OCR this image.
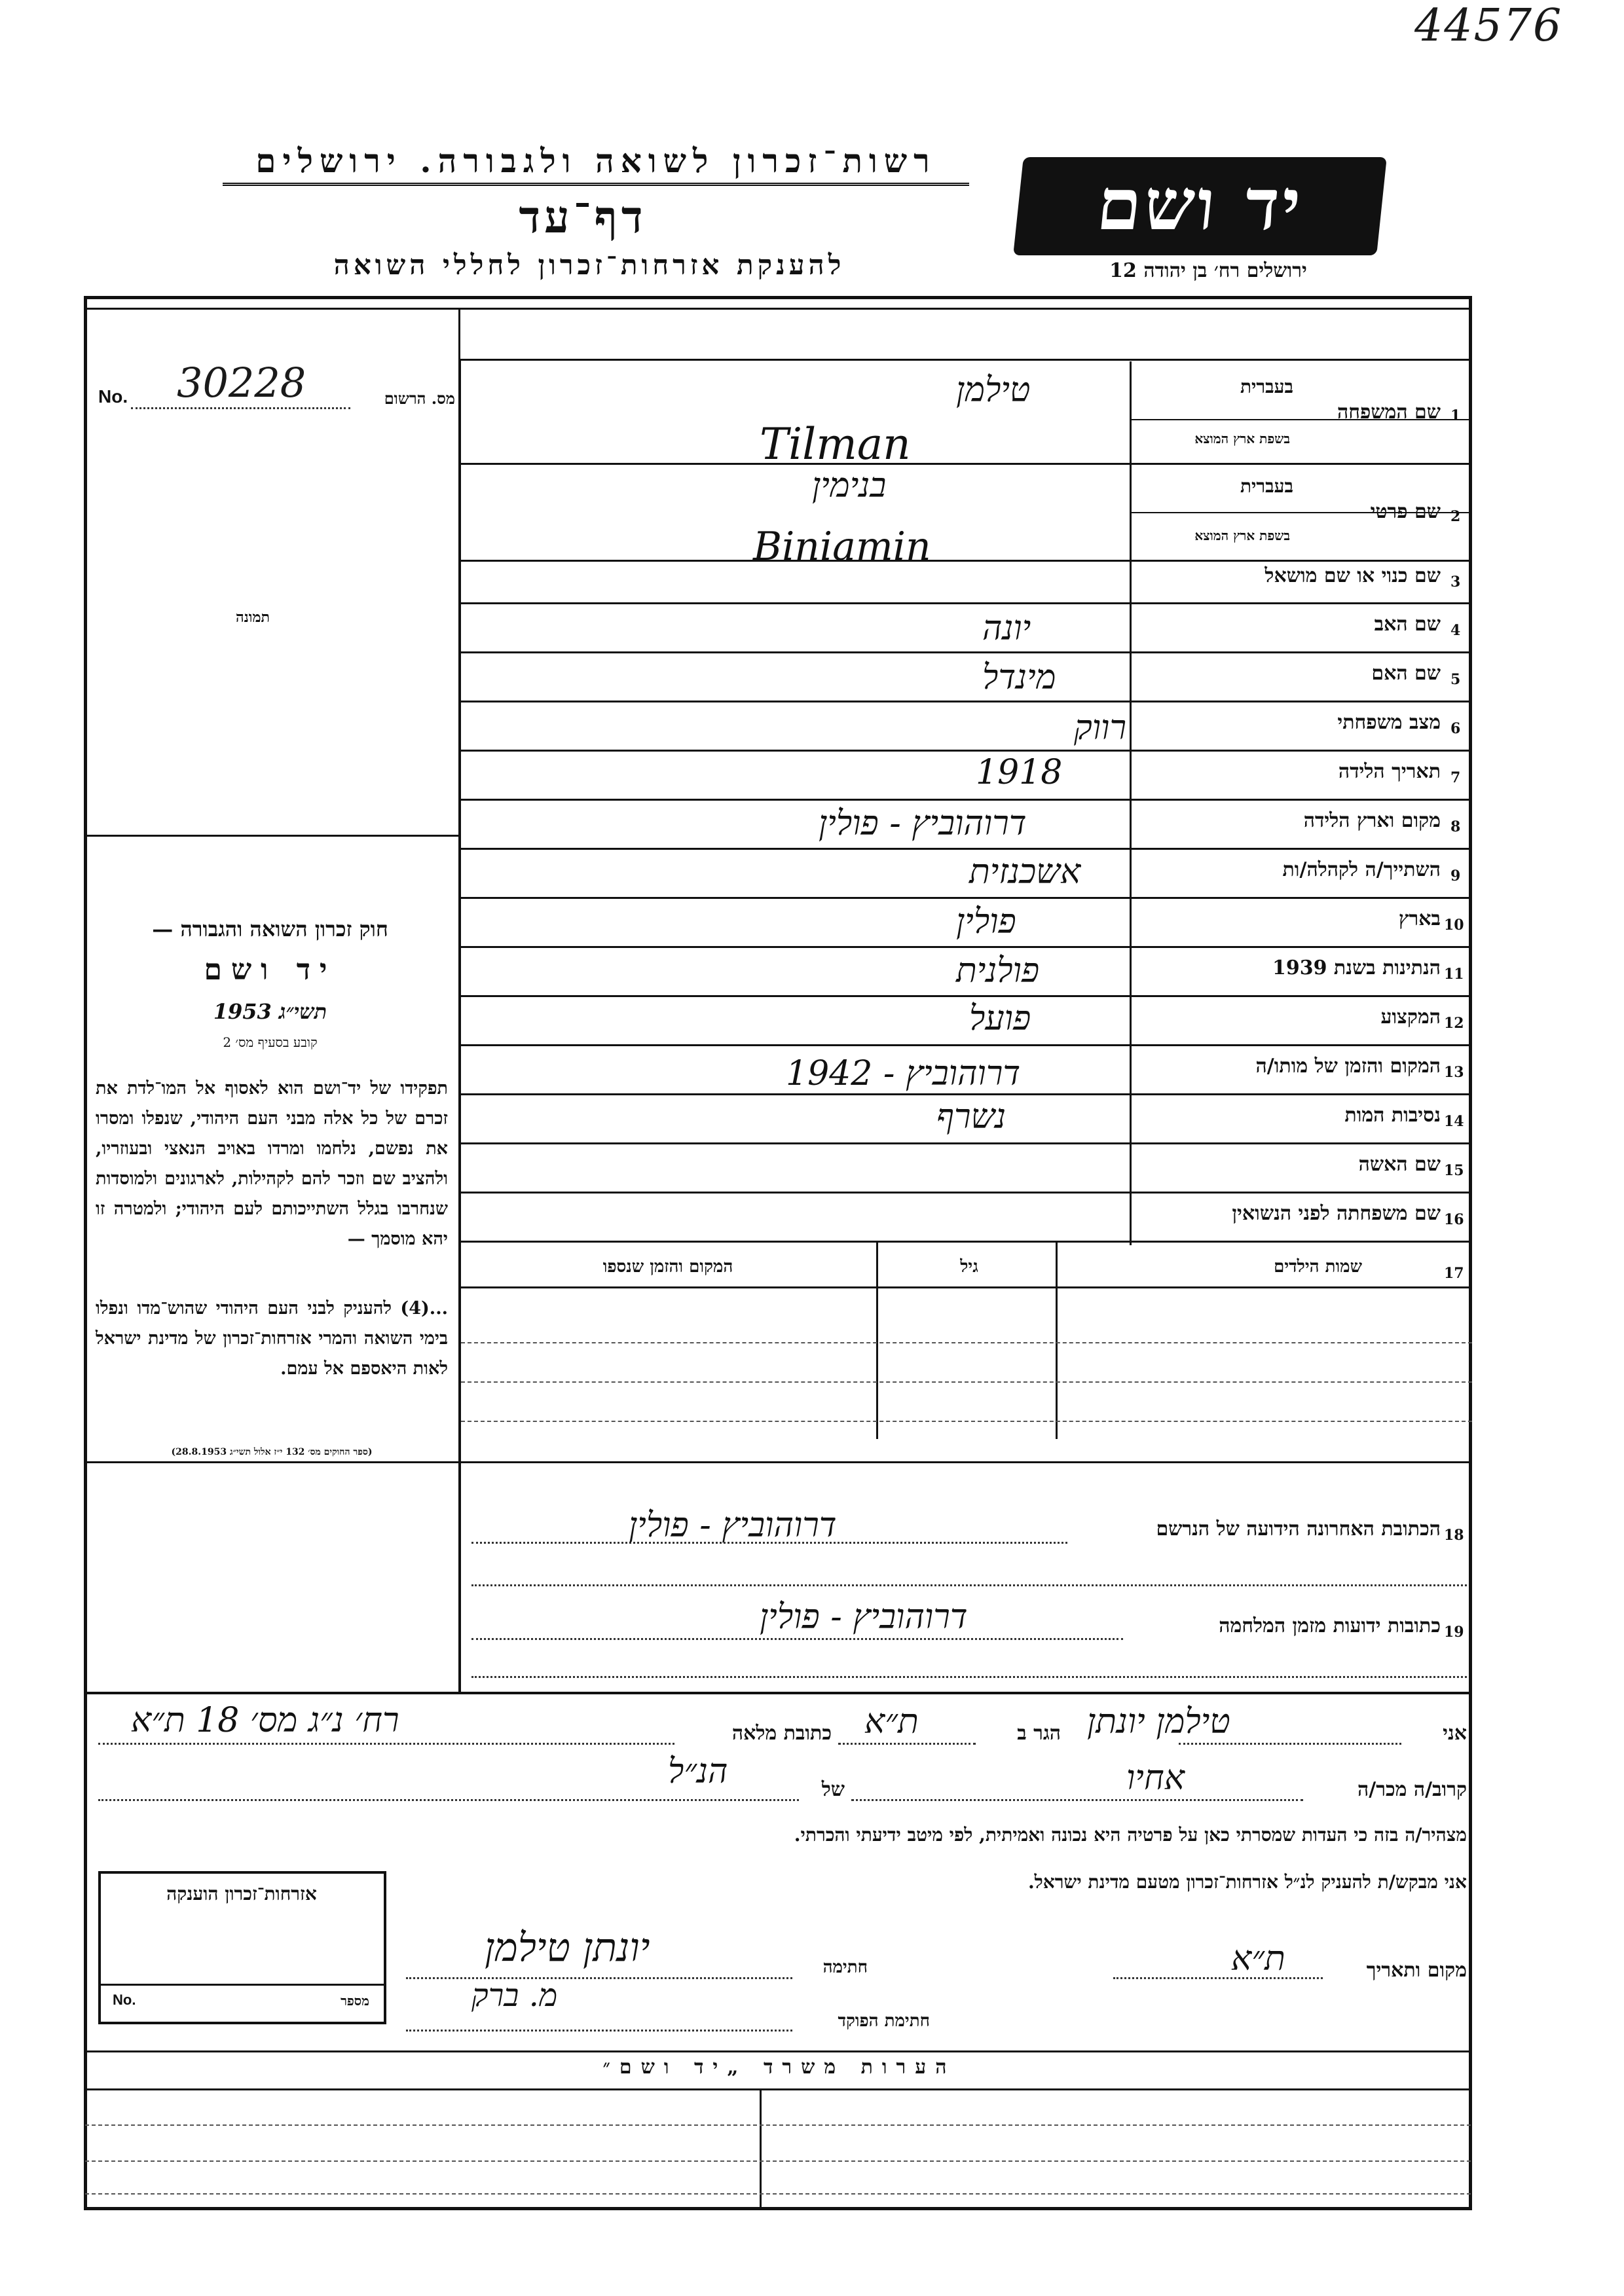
44576
רשות־זכרון לשואה ולגבורה. ירושלים
דף־עד
להענקת אזרחות־זכרון לחללי השואה
יד ושם
ירושלים רח׳ בן יהודה 12
No. 30228	מס. הרשום
תמונה
חוק זכרון השואה והגבורה —
יד ושם
תשי״ג 1953
קובע בסעיף מס׳ 2
תפקידו של יד־ושם הוא לאסוף אל המו־לדת את זכרם של כל אלה מבני העם היהודי, שנפלו ומסרו את נפשם, נלחמו ומרדו באויב הנאצי ובעוזריו, ולהציב שם וזכר להם לקהילות, לארגונים ולמוסדות שנחרבו בגלל השתייכותם לעם היהודי; ולמטרה זו יהא מוסמך —
...(4) להעניק לבני העם היהודי שהוש־מדו ונפלו בימי השואה והמרי אזרחות־זכרון של מדינת ישראל לאות היאספם אל עמם.
(ספר החוקים מס׳ 132 י״ז אלול תשי״ג 28.8.1953)
1
שם המשפחה
בעברית
בשפת ארץ המוצא
טילמן
Tilman
2
שם פרטי
בעברית
בשפת ארץ המוצא
בנימין
Biniamin
3
שם כנוי או שם מושאל
4
שם האב
יונה
5
שם האם
מינדל
6
מצב משפחתי
רווק
7
תאריך הלידה
1918
8
מקום וארץ הלידה
דרוהוביץ - פולין
9
השתייך/ה לקהלה/ות
אשכנזית
10
בארץ
פולין
11
הנתינות בשנת 1939
פולנית
12
המקצוע
פועל
13
המקום והזמן של מותו/ה
דרוהוביץ - 1942
14
נסיבות המות
נשרף
15
שם האשה
16
שם משפחתה לפני הנשואין
17
שמות הילדים
גיל
המקום והזמן שנספו
18
הכתובת האחרונה הידועה של הנרשם
דרוהוביץ - פולין
19
כתובות ידועות מזמן המלחמה
דרוהוביץ - פולין
אני
טילמן יונתן
הגר ב
ת״א
כתובת מלאה
רח׳ נ״ג מס׳ 18 ת״א
קרוב/ה מכר/ה
אחיו
של
הנ״ל
מצהיר/ה בזה כי העדות שמסרתי כאן על פרטיה היא נכונה ואמיתית, לפי מיטב ידיעתי והכרתי.
אני מבקש/ת להעניק לנ״ל אזרחות־זכרון מטעם מדינת ישראל.
מקום ותאריך
ת״א
חתימה
יונתן טילמן
חתימת הפוקד
מ. ברק
אזרחות־זכרון הוענקה
No.	מספר
הערות משרד „יד ושם״
